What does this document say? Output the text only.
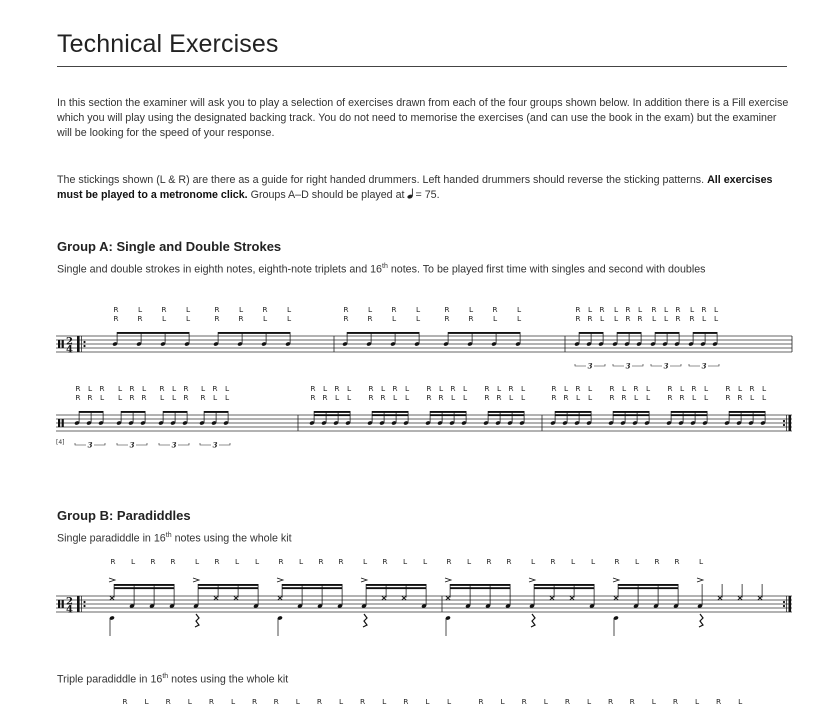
Technical Exercises

In this section the examiner will ask you to play a selection of exercises drawn from each of the four groups shown below. In addition there is a Fill exercise which you will play using the designated backing track. You do not need to memorise the exercises (and can use the book in the exam) but the examiner will be looking for the speed of your response.

The stickings shown (L & R) are there as a guide for right handed drummers. Left handed drummers should reverse the sticking patterns. All exercises must be played to a metronome click. Groups A–D should be played at = 75.

Group A: Single and Double Strokes

Single and double strokes in eighth notes, eighth-note triplets and 16th notes. To be played first time with singles and second with doubles

2
4
3	3	3	3
R	L	R	L	R	L	R	L	R	L	R	L	R	L	R	L	R L R L R L R L R L R L
R	R	L	L	R	R	L	L	R	R	L	L	R	R	L	L	R R L L R R L L R R L L
[4]	3	3	3	3
R L R L R L R L R L R L	R L R L R L R L R L R L R L R L	R L R L R L R L R L R L R L R L
R R L L R R L L R R L L	R R L L R R L L R R L L R R L L	R R L L R R L L R R L L R R L L
Group B: Paradiddles

Single paradiddle in 16th notes using the whole kit

2
4
R L R R	L R L L	R L R R	L R L L	R L R R	L R L L	R L R R	L

Triple paradiddle in 16th notes using the whole kit

R L R L R L R R L R L R L R L L	R L R L R L R R L R L R L
